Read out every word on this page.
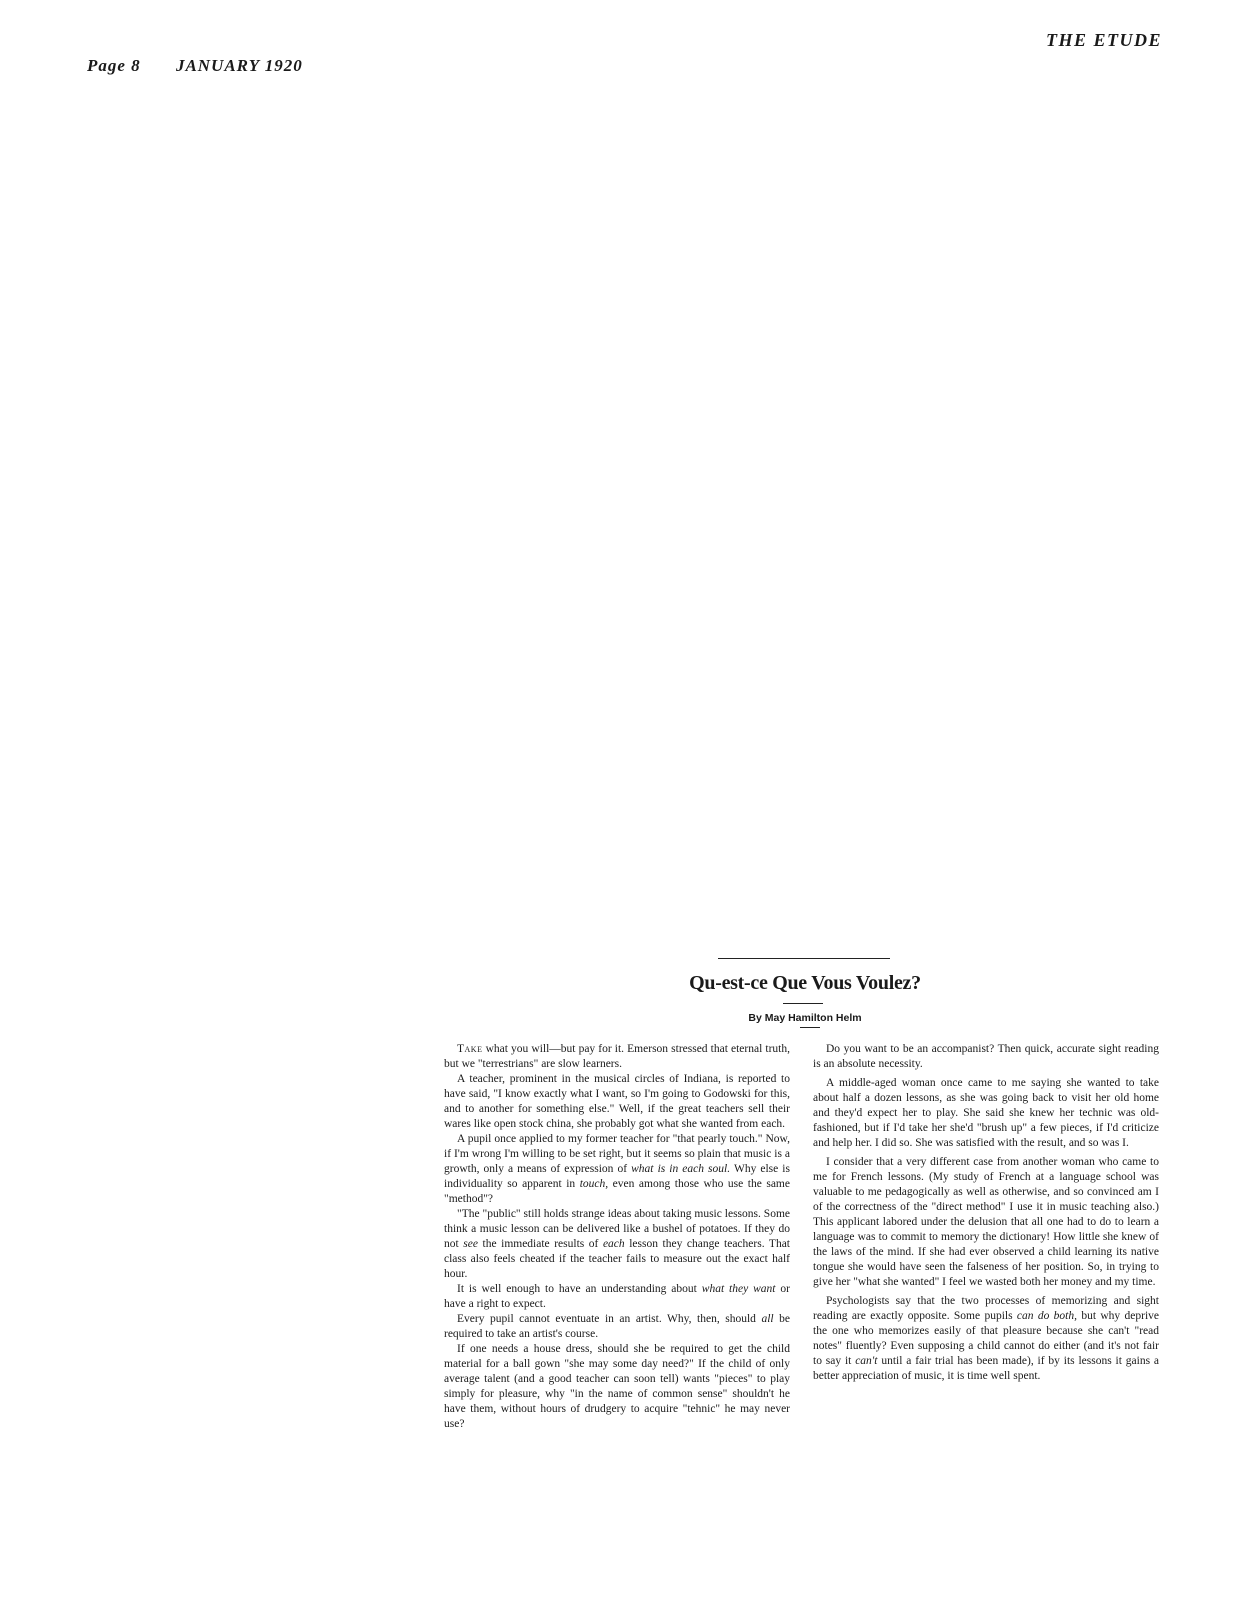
Page 8 JANUARY 1920
THE ETUDE
Qu-est-ce Que Vous Voulez?
By May Hamilton Helm

Take what you will—but pay for it. Emerson stressed that eternal truth, but we "terrestrians" are slow learners.

A teacher, prominent in the musical circles of Indiana, is reported to have said, "I know exactly what I want, so I'm going to Godowski for this, and to another for something else." Well, if the great teachers sell their wares like open stock china, she probably got what she wanted from each.

A pupil once applied to my former teacher for "that pearly touch." Now, if I'm wrong I'm willing to be set right, but it seems so plain that music is a growth, only a means of expression of what is in each soul. Why else is individuality so apparent in touch, even among those who use the same "method"?

"The "public" still holds strange ideas about taking music lessons. Some think a music lesson can be delivered like a bushel of potatoes. If they do not see the immediate results of each lesson they change teachers. That class also feels cheated if the teacher fails to measure out the exact half hour.

It is well enough to have an understanding about what they want or have a right to expect.

Every pupil cannot eventuate in an artist. Why, then, should all be required to take an artist's course.

If one needs a house dress, should she be required to get the child material for a ball gown "she may some day need?" If the child of only average talent (and a good teacher can soon tell) wants "pieces" to play simply for pleasure, why "in the name of common sense" shouldn't he have them, without hours of drudgery to acquire "tehnic" he may never use?

Do you want to be an accompanist? Then quick, accurate sight reading is an absolute necessity.

A middle-aged woman once came to me saying she wanted to take about half a dozen lessons, as she was going back to visit her old home and they'd expect her to play. She said she knew her technic was old-fashioned, but if I'd take her she'd "brush up" a few pieces, if I'd criticize and help her. I did so. She was satisfied with the result, and so was I.

I consider that a very different case from another woman who came to me for French lessons. (My study of French at a language school was valuable to me pedagogically as well as otherwise, and so convinced am I of the correctness of the "direct method" I use it in music teaching also.) This applicant labored under the delusion that all one had to do to learn a language was to commit to memory the dictionary! How little she knew of the laws of the mind. If she had ever observed a child learning its native tongue she would have seen the falseness of her position. So, in trying to give her "what she wanted" I feel we wasted both her money and my time.

Psychologists say that the two processes of memorizing and sight reading are exactly opposite. Some pupils can do both, but why deprive the one who memorizes easily of that pleasure because she can't "read notes" fluently? Even supposing a child cannot do either (and it's not fair to say it can't until a fair trial has been made), if by its lessons it gains a better appreciation of music, it is time well spent.
